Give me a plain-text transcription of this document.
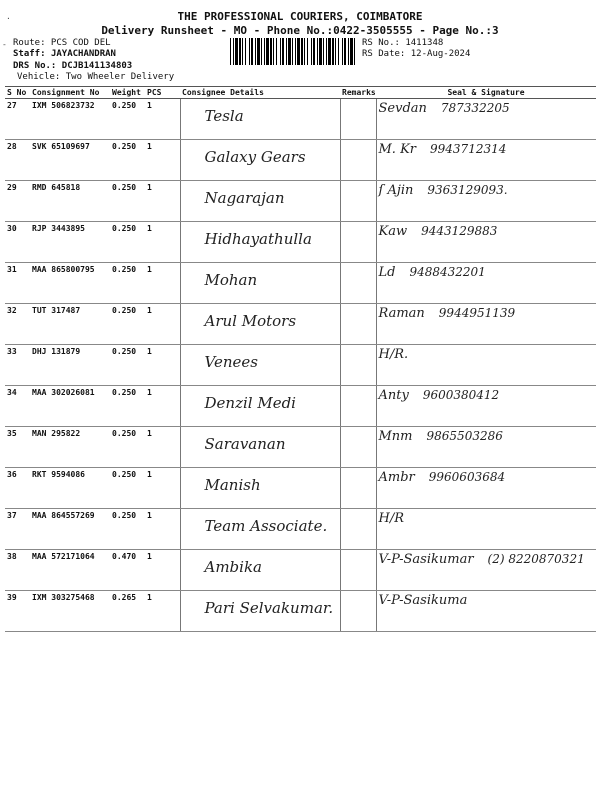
THE PROFESSIONAL COURIERS, COIMBATORE
Delivery Runsheet - MO - Phone No.:0422-3505555 - Page No.:3
·
- Route: PCS COD DEL
Staff: JAYACHANDRAN
DRS No.: DCJB141134803
Vehicle: Two Wheeler Delivery
RS No.: 1411348
RS Date: 12-Aug-2024
S No	Consignment No	Weight	PCS	Consignee Details	Remarks	Seal & Signature
27	IXM 506823732	0.250	1	Tesla		Sevdan 787332205

28	SVK 65109697	0.250	1	Galaxy Gears		M. Kr 9943712314

29	RMD 645818	0.250	1	Nagarajan		ſ Ajin 9363129093.

30	RJP 3443895	0.250	1	Hidhayathulla		Kaw 9443129883

31	MAA 865800795	0.250	1	Mohan		Ld 9488432201

32	TUT 317487	0.250	1	Arul Motors		Raman 9944951139

33	DHJ 131879	0.250	1	Venees		H/R.

34	MAA 302026081	0.250	1	Denzil Medi		Anty 9600380412

35	MAN 295822	0.250	1	Saravanan		Mnm 9865503286

36	RKT 9594086	0.250	1	Manish		Ambr 9960603684

37	MAA 864557269	0.250	1	Team Associate.		H/R

38	MAA 572171064	0.470	1	Ambika		V-P-Sasikumar (2) 8220870321

39	IXM 303275468	0.265	1	Pari Selvakumar.		V-P-Sasikuma
